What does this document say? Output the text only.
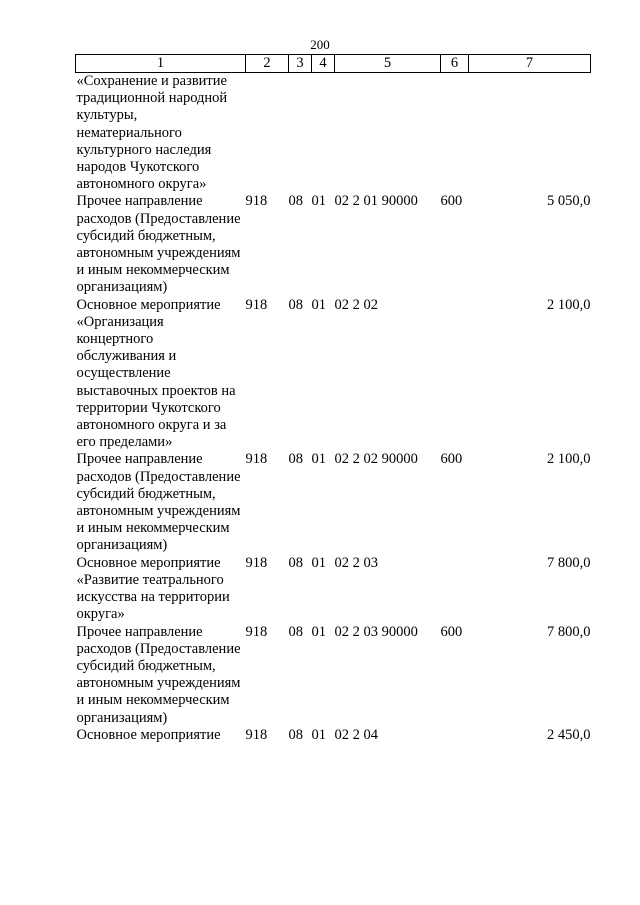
200
1	2	3	4	5	6	7
«Сохранение и развитие традиционной народной культуры, нематериального культурного наследия народов Чукотского автономного округа»						
Прочее направление расходов (Предоставление субсидий бюджетным, автономным учреждениям и иным некоммерческим организациям)	918	08	01	02 2 01 90000	600	5 050,0
Основное мероприятие «Организация концертного обслуживания и осуществление выставочных проектов на территории Чукотского автономного округа и за его пределами»	918	08	01	02 2 02		2 100,0
Прочее направление расходов (Предоставление субсидий бюджетным, автономным учреждениям и иным некоммерческим организациям)	918	08	01	02 2 02 90000	600	2 100,0
Основное мероприятие «Развитие театрального искусства на территории округа»	918	08	01	02 2 03		7 800,0
Прочее направление расходов (Предоставление субсидий бюджетным, автономным учреждениям и иным некоммерческим организациям)	918	08	01	02 2 03 90000	600	7 800,0
Основное мероприятие	918	08	01	02 2 04		2 450,0
